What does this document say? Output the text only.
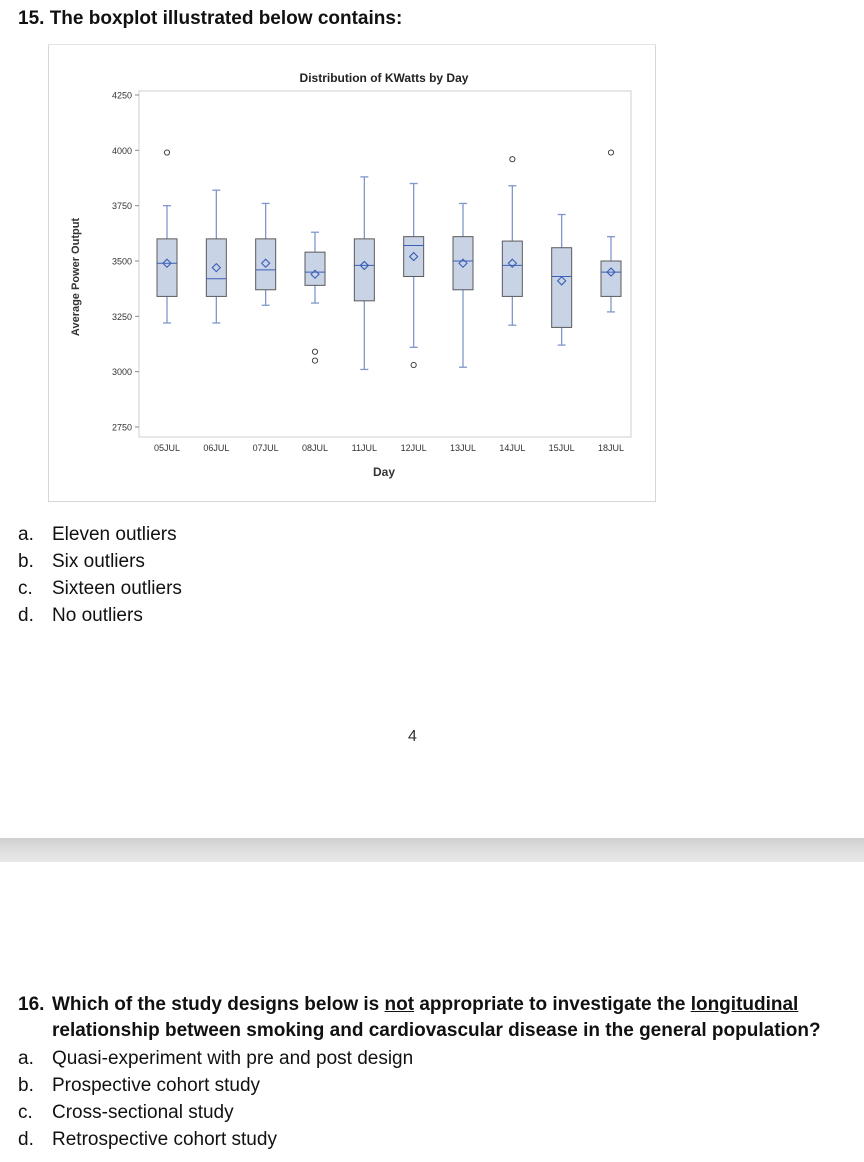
15. The boxplot illustrated below contains:
Distribution of KWatts by Day
Average Power Output
Day
2750
3000
3250
3500
3750
4000
4250
05JUL	06JUL	07JUL	08JUL	11JUL	12JUL	13JUL	14JUL	15JUL	18JUL
a. Eleven outliers
b. Six outliers
c. Sixteen outliers
d. No outliers
4
16. Which of the study designs below is not appropriate to investigate the longitudinal
relationship between smoking and cardiovascular disease in the general population?
a. Quasi-experiment with pre and post design
b. Prospective cohort study
c. Cross-sectional study
d. Retrospective cohort study
